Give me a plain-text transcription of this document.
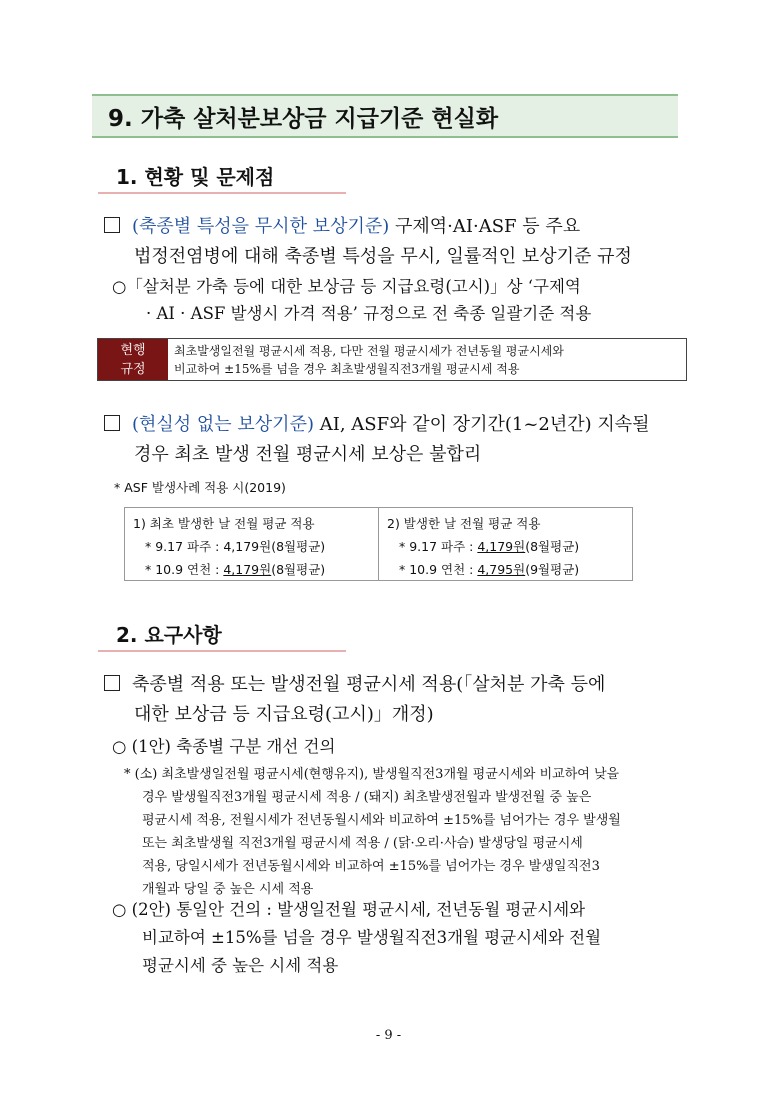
9. 가축 살처분보상금 지급기준 현실화
1. 현황 및 문제점
(축종별 특성을 무시한 보상기준) 구제역·AI·ASF 등 주요
법정전염병에 대해 축종별 특성을 무시, 일률적인 보상기준 규정
○「살처분 가축 등에 대한 보상금 등 지급요령(고시)」상 ‘구제역
· AI · ASF 발생시 가격 적용’ 규정으로 전 축종 일괄기준 적용
현행
규정
최초발생일전월 평균시세 적용, 다만 전월 평균시세가 전년동월 평균시세와
비교하여 ±15%를 넘을 경우 최초발생월직전3개월 평균시세 적용
(현실성 없는 보상기준) AI, ASF와 같이 장기간(1~2년간) 지속될
경우 최초 발생 전월 평균시세 보상은 불합리
* ASF 발생사례 적용 시(2019)
1) 최초 발생한 날 전월 평균 적용
* 9.17 파주 : 4,179원(8월평균)
* 10.9 연천 : 4,179원(8월평균)
2) 발생한 날 전월 평균 적용
* 9.17 파주 : 4,179원(8월평균)
* 10.9 연천 : 4,795원(9월평균)
2. 요구사항
축종별 적용 또는 발생전월 평균시세 적용(「살처분 가축 등에
대한 보상금 등 지급요령(고시)」개정)
○ (1안) 축종별 구분 개선 건의
* (소) 최초발생일전월 평균시세(현행유지), 발생월직전3개월 평균시세와 비교하여 낮을
경우 발생월직전3개월 평균시세 적용 / (돼지) 최초발생전월과 발생전월 중 높은
평균시세 적용, 전월시세가 전년동월시세와 비교하여 ±15%를 넘어가는 경우 발생월
또는 최초발생월 직전3개월 평균시세 적용 / (닭·오리·사슴) 발생당일 평균시세
적용, 당일시세가 전년동월시세와 비교하여 ±15%를 넘어가는 경우 발생일직전3
개월과 당일 중 높은 시세 적용
○ (2안) 통일안 건의 : 발생일전월 평균시세, 전년동월 평균시세와
비교하여 ±15%를 넘을 경우 발생월직전3개월 평균시세와 전월
평균시세 중 높은 시세 적용
- 9 -
